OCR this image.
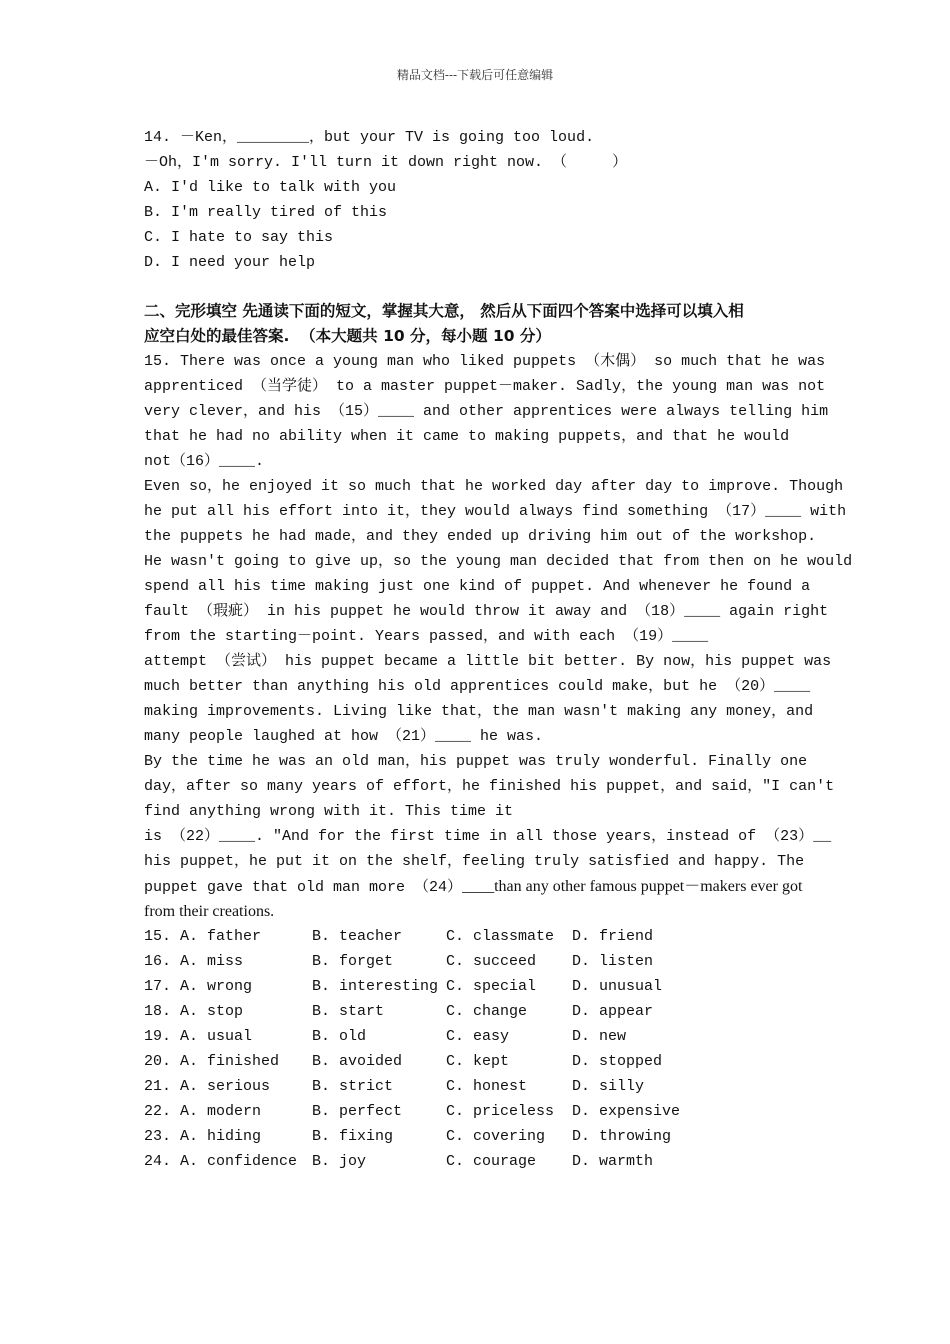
精品文档---下载后可任意编辑
14. －Ken，________，but your TV is going too loud.
－Oh，I'm sorry. I'll turn it down right now. （     ）
A. I'd like to talk with you
B. I'm really tired of this
C. I hate to say this
D. I need your help
二、完形填空 先通读下面的短文，掌握其大意， 然后从下面四个答案中选择可以填入相
应空白处的最佳答案.  （本大题共 10 分，每小题 10 分）
15. There was once a young man who liked puppets （木偶） so much that he was
apprenticed （当学徒） to a master puppet－maker. Sadly，the young man was not
very clever，and his （15）____ and other apprentices were always telling him
that he had no ability when it came to making puppets，and that he would
not（16）____.
Even so，he enjoyed it so much that he worked day after day to improve. Though
he put all his effort into it，they would always find something （17）____ with
the puppets he had made，and they ended up driving him out of the workshop.
He wasn't going to give up，so the young man decided that from then on he would
spend all his time making just one kind of puppet. And whenever he found a
fault （瑕疵） in his puppet he would throw it away and （18）____ again right
from the starting－point. Years passed，and with each （19）____
attempt （尝试） his puppet became a little bit better. By now，his puppet was
much better than anything his old apprentices could make，but he （20）____
making improvements. Living like that，the man wasn't making any money，and
many people laughed at how （21）____ he was.
By the time he was an old man，his puppet was truly wonderful. Finally one
day，after so many years of effort，he finished his puppet，and said，"I can't
find anything wrong with it. This time it
is （22）____. "And for the first time in all those years，instead of （23）__
his puppet，he put it on the shelf，feeling truly satisfied and happy. The
puppet gave that old man more （24）____than any other famous puppet－makers ever got
from their creations.
15. A. father	B. teacher	C. classmate	D. friend
16. A. miss	B. forget	C. succeed	D. listen
17. A. wrong	B. interesting C. special	D. unusual
18. A. stop	B. start	C. change	D. appear
19. A. usual	B. old	C. easy	D. new
20. A. finished	B. avoided	C. kept	D. stopped
21. A. serious	B. strict	C. honest	D. silly
22. A. modern	B. perfect	C. priceless	D. expensive
23. A. hiding	B. fixing	C. covering	D. throwing
24. A. confidence B. joy	C. courage	D. warmth
